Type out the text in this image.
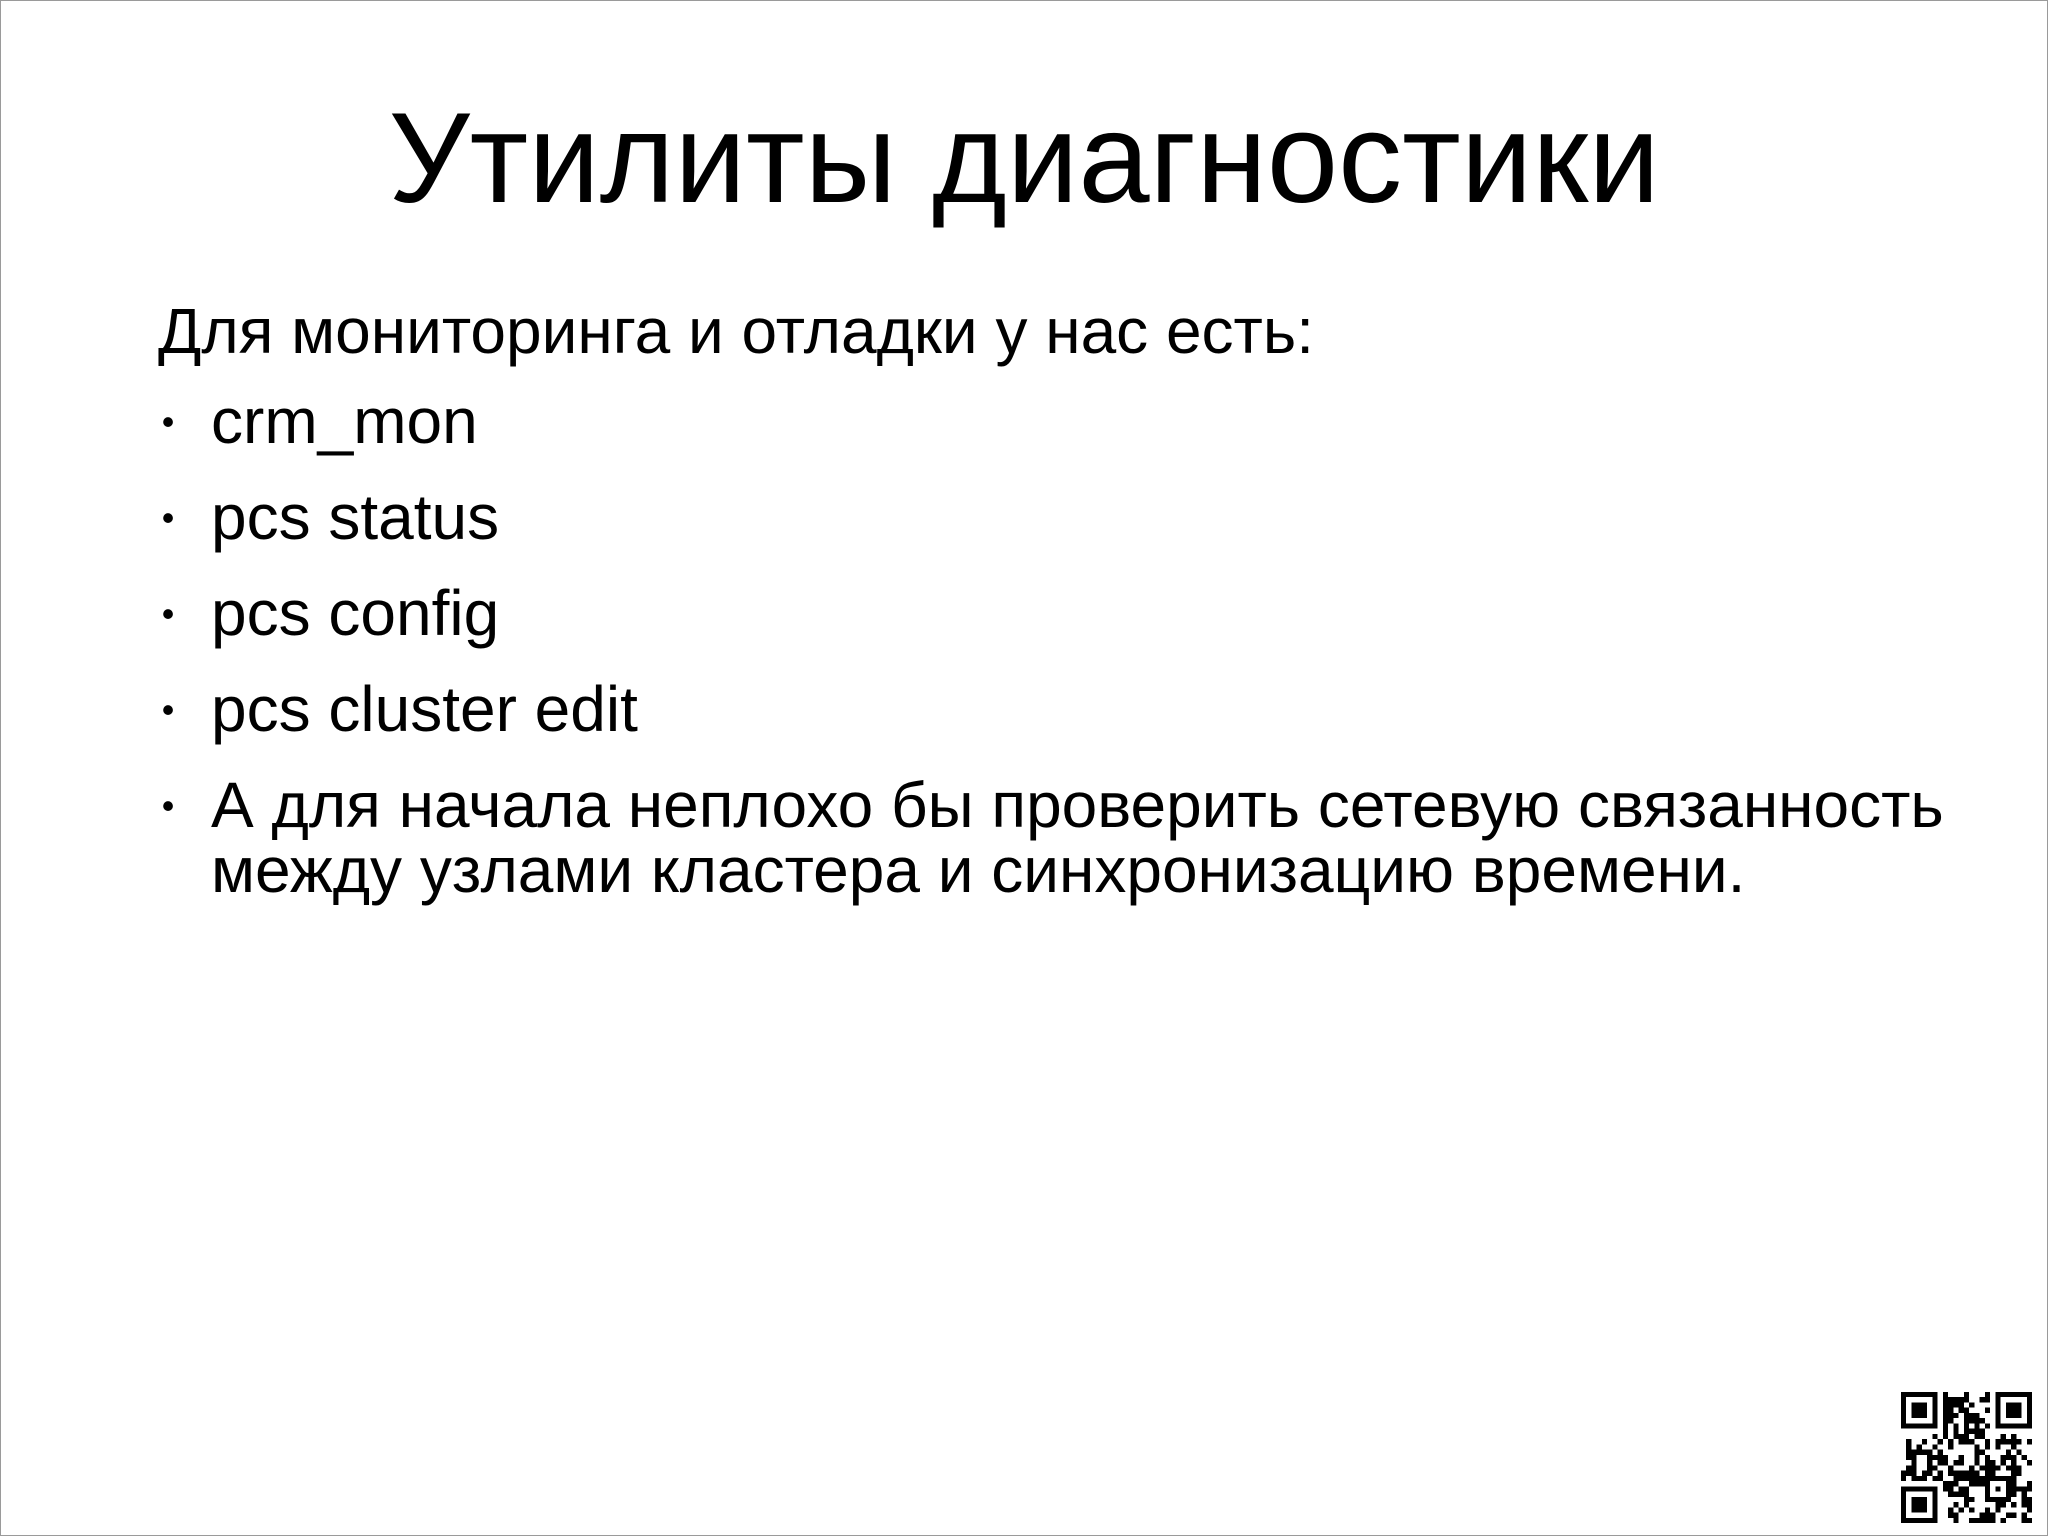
Утилиты диагностики

Для мониторинга и отладки у нас есть:

• crm_mon
• pcs status
• pcs config
• pcs cluster edit
• А для начала неплохо бы проверить сетевую связанность между узлами кластера и синхронизацию времени.
